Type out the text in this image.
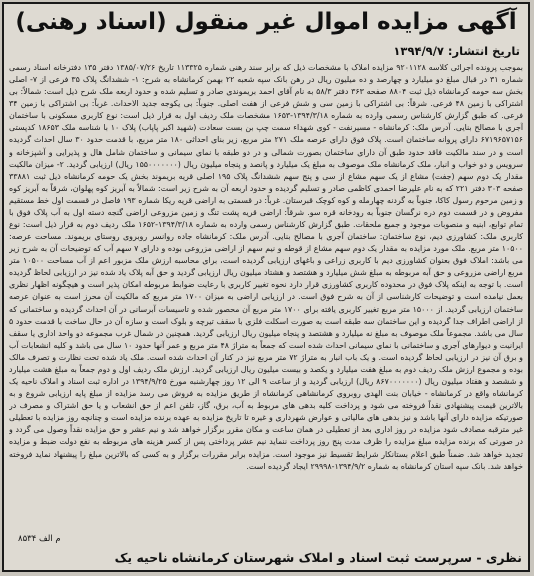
آگهی مزایده اموال غیر منقول (اسناد رهنی)
تاریخ انتشار: ۱۳۹۴/۹/۷

بموجب پرونده اجرائی کلاسه ۹۲۰۱۱۲۸ مزایده املاک با مشخصات ذیل که برابر سند رهنی شماره ۱۱۳۳۲۵ تاریخ ۱۳۸۵/۰۷/۲۶ دفتر ۱۳۵ دفترخانه اسناد رسمی شماره ۳۱ در قبال مبلغ دو میلیارد و چهارصد و ده میلیون ریال در رهن بانک سپه شعبه ۲۲ بهمن کرمانشاه به شرح: ۱- ششدانگ پلاک ۳۵ فرعی از ۷- اصلی بخش سه حومه کرمانشاه ذیل ثبت ۸۸۰۴ صفحه ۳۶۳ دفتر ۵۸/۳ به نام آقای احمد بریموندی صادر و تسلیم شده و حدود اربعه ملک شرح ذیل است: شمالاً: بی اشتراکی با زمین ۴۸ فرعی. شرقاً: بی اشتراکی با زمین سی و شش فرعی از هفت اصلی. جنوباً: بی یکوجه جدید الاحداث. غرباً: بی اشتراکی با زمین ۳۴ فرعی. که طبق گزارش کارشناس رسمی وارده به شماره ۱۳۹۴/۳/۱۸-۱۶۵۳ مشخصات ملک ردیف اول به قرار ذیل است: نوع کاربری مسکونی با ساختمان آجری با مصالح بنایی. آدرس ملک: کرمانشاه - مسیرنفت - کوی شهداء سمت چپ بن بست سعادت (شهید اکبر پاپاب) پلاک ۱۰ با شناسه ملک ۱۸۶۵۳ کدپستی ۶۷۱۹۶۵۷۱۵۶ دارای پروانه ساختمان است. پلاک فوق دارای عرصه ملک ۲۷۱ متر مربع، زیر بنای احداثی ۱۸۰ متر مربع، با قدمت حدود ۳۰ سال احداث گردیده است و در سند مالکیت فاقد حدود طبق آن دارای ساختمان بصورت شمالی و در دو طبقه با نمای سیمانی و ساختمان شامل هال و پذیرایی و آشپزخانه و سرویس و دو خواب و انبار، ملک کرمانشاه ملک موصوف به مبلغ یک میلیارد و پانصد و پنجاه میلیون ریال (۱۵۵۰۰۰۰۰۰۰ ریال) ارزیابی گردید. ۲- میزان مالکیت مقدار یک دوم سهم (جفت) مشاع از یک سهم مشاع از سی و پنج سهم ششدانگ پلاک ۱۹۵ اصلی قریه بریموند بخش یک حومه کرمانشاه ذیل ثبت ۳۳۸۸۱ صفحه ۳۰۳ دفتر ۲۲۱ که به نام علیرضا احمدی کاظمی صادر و تسلیم گردیده و حدود اربعه آن به شرح زیر است: شمالاً به آبریز کوه پهلوان، شرقاً به آبریز کوه و زمین مرحوم رسول کاکا، جنوباً به گردنه چهارمله و کوه کوچک قبرستان. غرباً: در قسمتی به اراضی قریه ریکا شماره ۱۹۳ فاصل در قسمت اول خط مستقیم مفروض و در قسمت دوم دره نرگسان جنوباً به رودخانه قره سو. شرقاً: اراضی قریه پشت تنگ و زمین مزروعی اراضی گنجه دسته اول به آب پلاک فوق با تمام توابع، ابنیه و منصوبات موجود و جمیع ملحقات. طبق گزارش کارشناس رسمی وارده به شماره ۱۳۹۴/۳/۱۸-۱۶۵۲ ملک ردیف دوم به قرار ذیل است: نوع کاربری ملک: کشاورزی دیم، نوع ساختمان: ساختمان آجری با مصالح بنایی. آدرس ملک: کرمانشاه جاده روانسر روبروی روستای بریموند. مساحت عرصه: ۱۰۵۰۰ متر مربع. ملک مورد مزایده به مقدار یک دوم سهم مشاع از قوطه و نیم سهم از اراضی مزروعی بوده و دارای ۷ سهم آب که توضیحات آن به شرح زیر می باشد: املاک فوق بعنوان کشاورزی دیم با کاربری زراعی و باغهای ارزیابی گردیده است، برای محاسبه ارزش ملک مزبور اعم از آب مساحت ۱۰۵۰۰ متر مربع اراضی مزروعی و حق آبه مربوطه به مبلغ شش میلیارد و هشتصد و هشتاد میلیون ریال ارزیابی گردید و حق آبه پلاک یاد شده نیز در ارزیابی لحاظ گردیده است. با توجه به اینکه پلاک فوق در محدوده کاربری کشاورزی قرار دارد نحوه تغییر کاربری با رعایت ضوابط مربوطه امکان پذیر است و هیچگونه اظهار نظری بعمل نیامده است و توضیحات کارشناسی از آن به شرح فوق است. در ارزیابی اراضی به میزان ۱۷۰۰ متر مربع که مالکیت آن محرز است به عنوان عرصه ساختمان ارزیابی گردید. از ۱۵۰۰۰ متر مربع تغییر کاربری یافته برای ۱۷۰۰ متر مربع آن محصور شده و تاسیسات آبرسانی در آن احداث گردیده و ساختمانی که از اراضی اطراف جدا گردیده و این ساختمان سه طبقه است به صورت اسکلت فلزی با سقف تیرچه و بلوک است و سازه آن در حال ساخت با قدمت حدود ۵ سال می باشد. مجموعاً ملک موصوف به مبلغ نه میلیارد و هشتصد و پنجاه میلیون ریال ارزیابی گردید. همچنین در شمال غرب مجموعه دو واحد اداری یا سقف ایرانیت و دیوارهای آجری و ساختمانی با نمای سیمانی احداث شده است که جمعاً به متراژ ۴۸ متر مربع و عمر آنها حدود ۱۰ سال می باشد و کلیه انشعابات آب و برق آن نیز در ارزیابی لحاظ گردیده است. و یک باب انبار به متراژ ۷۲ متر مربع نیز در کنار آن احداث شده است. ملک یاد شده تحت نظارت و تصرف مالک بوده و مجموع ارزش ملک ردیف دوم به مبلغ هفت میلیارد و یکصد و بیست میلیون ریال ارزیابی گردید. ارزش ملک ردیف اول و دوم جمعاً به مبلغ هشت میلیارد و ششصد و هفتاد میلیون ریال (۸۶۷۰۰۰۰۰۰۰ ریال) ارزیابی گردید و از ساعت ۹ الی ۱۲ روز چهارشنبه مورخ ۱۳۹۴/۹/۲۵ در اداره ثبت اسناد و املاک ناحیه یک کرمانشاه واقع در کرمانشاه - خیابان بنت الهدی روبروی کرمانشاهی کرمانشاه از طریق مزایده به فروش می رسد مزایده از مبلغ پایه ارزیابی شروع و به بالاترین قیمت پیشنهادی نقداً فروخته می شود و پرداخت کلیه بدهی های مربوط به آب، برق، گاز، تلفن اعم از حق انشعاب و یا حق اشتراک و مصرف در صورتیکه مزایده دارای آنها باشد و نیز بدهی های مالیاتی و عوارض شهرداری و غیره تا تاریخ مزایده به عهده برنده مزایده است و چنانچه روز مزایده با تعطیلی غیر مترقبه مصادف شود مزایده در روز اداری بعد از تعطیلی در همان ساعت و مکان مقرر برگزار خواهد شد و نیم عشر و حق مزایده نقداً وصول می گردد و در صورتی که برنده مزایده مبلغ مزایده را ظرف مدت پنج روز پرداخت ننماید نیم عشر پرداختی پس از کسر هزینه های مربوطه به نفع دولت ضبط و مزایده تجدید خواهد شد. ضمناً طبق اعلام بستانکار شرایط تقسیط نیز موجود است. مزایده برابر مقررات برگزار و به کسی که بالاترین مبلغ را پیشنهاد نماید فروخته خواهد شد. بانک سپه استان کرمانشاه به شماره ۱۳۹۴/۹/۲-۲۹۹۹۸ ایجاد گردیده است.

م الف ۸۵۳۴
نظری - سرپرست ثبت اسناد و املاک شهرستان کرمانشاه ناحیه یک
